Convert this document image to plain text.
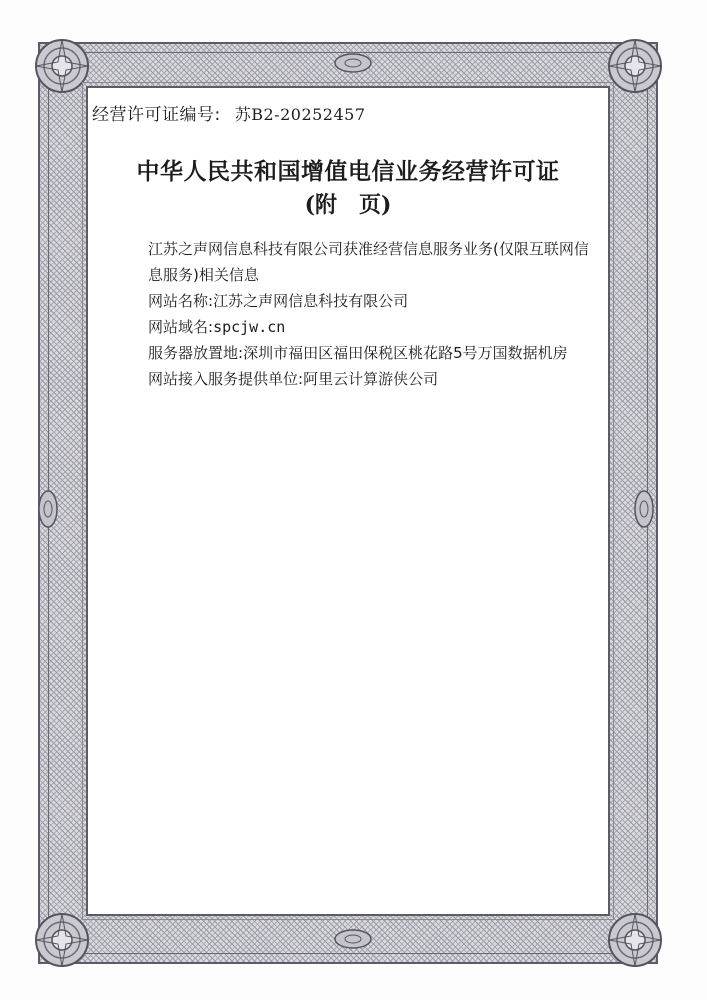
经营许可证编号: 苏B2-20252457
中华人民共和国增值电信业务经营许可证
(附　页)

江苏之声网信息科技有限公司获准经营信息服务业务(仅限互联网信息服务)相关信息

网站名称:江苏之声网信息科技有限公司

网站域名:spcjw.cn

服务器放置地:深圳市福田区福田保税区桃花路5号万国数据机房

网站接入服务提供单位:阿里云计算游侠公司
